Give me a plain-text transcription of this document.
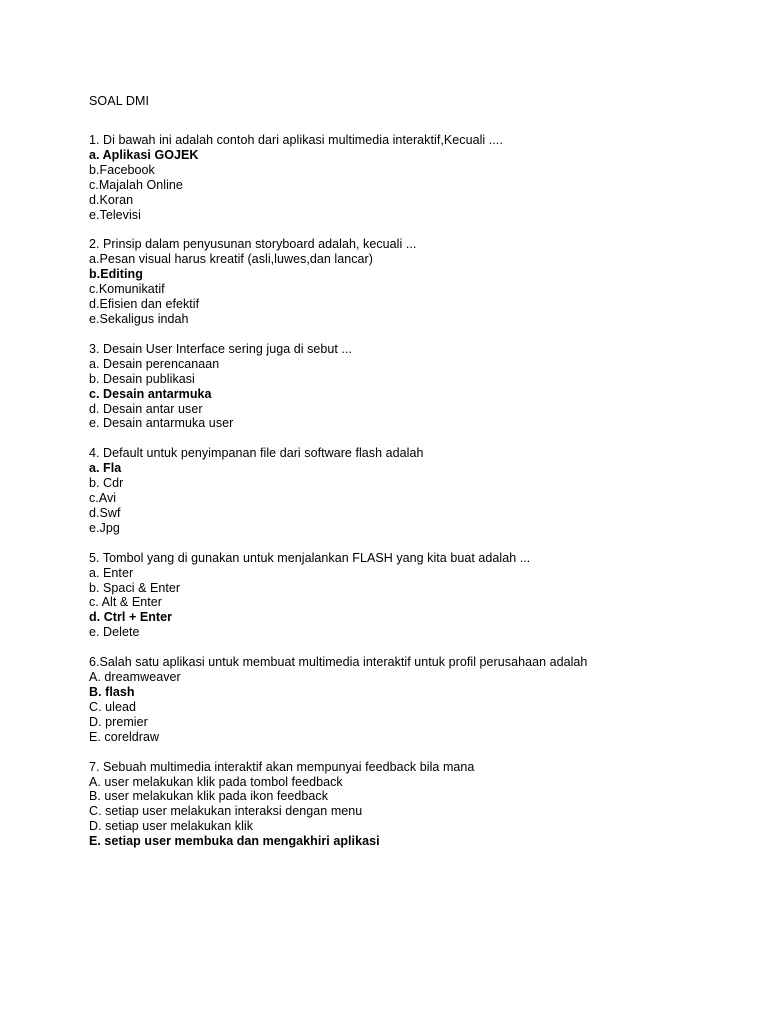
SOAL DMI
1. Di bawah ini adalah contoh dari aplikasi multimedia interaktif,Kecuali ....
a. Aplikasi GOJEK
b.Facebook
c.Majalah Online
d.Koran
e.Televisi
2. Prinsip dalam penyusunan storyboard adalah, kecuali ...
a.Pesan visual harus kreatif (asli,luwes,dan lancar)
b.Editing
c.Komunikatif
d.Efisien dan efektif
e.Sekaligus indah
3. Desain User Interface sering juga di sebut ...
a. Desain perencanaan
b. Desain publikasi
c. Desain antarmuka
d. Desain antar user
e. Desain antarmuka user
4. Default untuk penyimpanan file dari software flash adalah
a. Fla
b. Cdr
c.Avi
d.Swf
e.Jpg
5. Tombol yang di gunakan untuk menjalankan FLASH yang kita buat adalah ...
a. Enter
b. Spaci & Enter
c. Alt & Enter
d. Ctrl + Enter
e. Delete
6.Salah satu aplikasi untuk membuat multimedia interaktif untuk profil perusahaan adalah
A. dreamweaver
B. flash
C. ulead
D. premier
E. coreldraw
7. Sebuah multimedia interaktif akan mempunyai feedback bila mana
A. user melakukan klik pada tombol feedback
B. user melakukan klik pada ikon feedback
C. setiap user melakukan interaksi dengan menu
D. setiap user melakukan klik
E. setiap user membuka dan mengakhiri aplikasi
